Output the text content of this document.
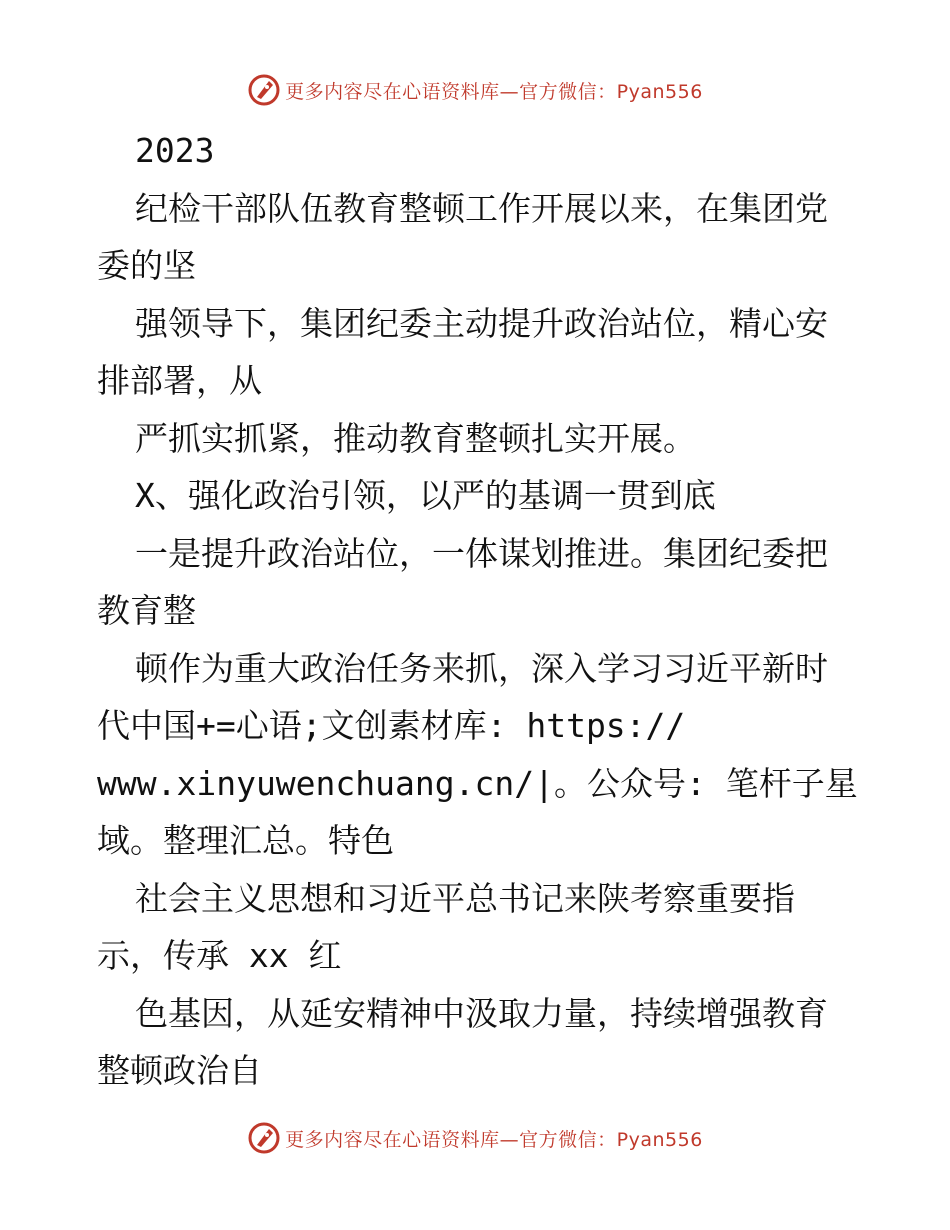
更多内容尽在心语资料库—官方微信：Pyan556
2023
纪检干部队伍教育整顿工作开展以来，在集团党
委的坚
强领导下，集团纪委主动提升政治站位，精心安
排部署，从
严抓实抓紧，推动教育整顿扎实开展。
X、强化政治引领，以严的基调一贯到底
一是提升政治站位，一体谋划推进。集团纪委把
教育整
顿作为重大政治任务来抓，深入学习习近平新时
代中国+=心语;文创素材库: https://
www.xinyuwenchuang.cn/|。公众号: 笔杆子星
域。整理汇总。特色
社会主义思想和习近平总书记来陕考察重要指
示，传承 xx 红
色基因，从延安精神中汲取力量，持续增强教育
整顿政治自
更多内容尽在心语资料库—官方微信：Pyan556
